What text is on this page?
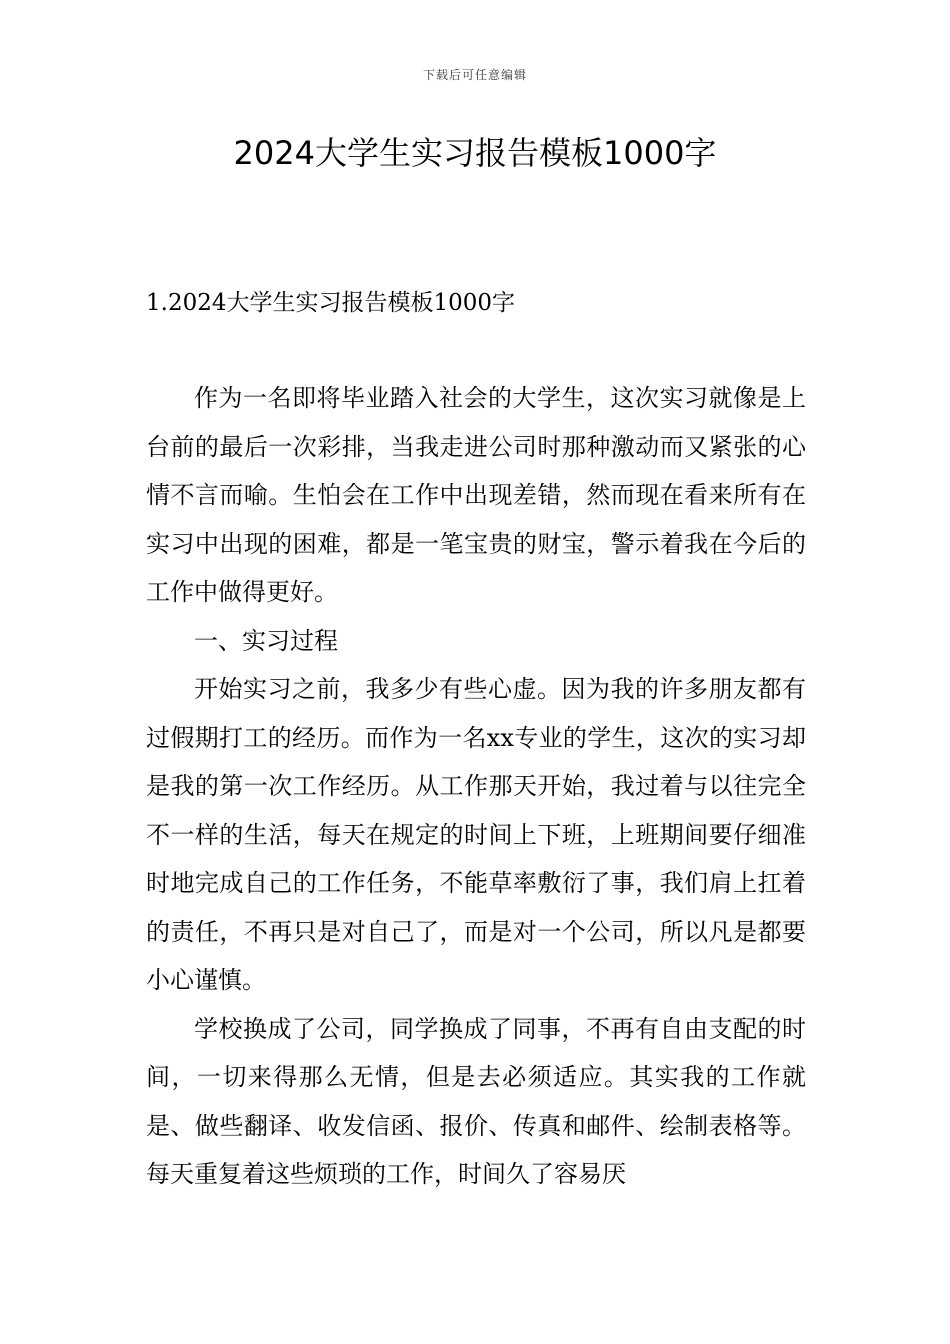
下载后可任意编辑
2024大学生实习报告模板1000字
1.2024大学生实习报告模板1000字

作为一名即将毕业踏入社会的大学生，这次实习就像是上台前的最后一次彩排，当我走进公司时那种激动而又紧张的心情不言而喻。生怕会在工作中出现差错，然而现在看来所有在实习中出现的困难，都是一笔宝贵的财宝，警示着我在今后的工作中做得更好。

一、实习过程

开始实习之前，我多少有些心虚。因为我的许多朋友都有过假期打工的经历。而作为一名xx专业的学生，这次的实习却是我的第一次工作经历。从工作那天开始，我过着与以往完全不一样的生活，每天在规定的时间上下班，上班期间要仔细准时地完成自己的工作任务，不能草率敷衍了事，我们肩上扛着的责任，不再只是对自己了，而是对一个公司，所以凡是都要小心谨慎。

学校换成了公司，同学换成了同事，不再有自由支配的时间，一切来得那么无情，但是去必须适应。其实我的工作就是、做些翻译、收发信函、报价、传真和邮件、绘制表格等。每天重复着这些烦琐的工作，时间久了容易厌
